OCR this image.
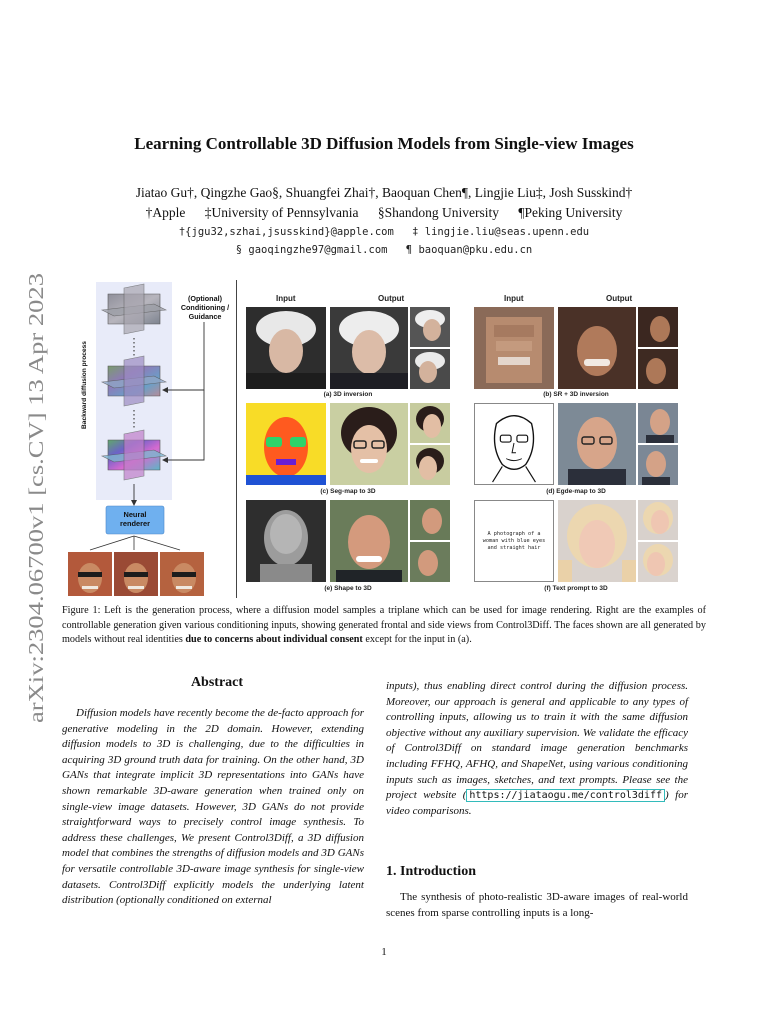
arXiv:2304.06700v1 [cs.CV] 13 Apr 2023
Learning Controllable 3D Diffusion Models from Single-view Images
Jiatao Gu†, Qingzhe Gao§, Shuangfei Zhai†, Baoquan Chen¶, Lingjie Liu‡, Josh Susskind†
†Apple ‡University of Pennsylvania §Shandong University ¶Peking University
†{jgu32,szhai,jsusskind}@apple.com ‡ lingjie.liu@seas.upenn.edu
§ gaoqingzhe97@gmail.com ¶ baoquan@pku.edu.cn
(Optional)
Conditioning /
Guidance
Backward diffusion process
Neural
renderer
Input	Output	Input	Output
(a) 3D inversion	(b) SR + 3D inversion
(c) Seg-map to 3D	(d) Egde-map to 3D
(e) Shape to 3D
A photograph of a
woman with blue eyes
and straight hair
(f) Text prompt to 3D
Figure 1: Left is the generation process, where a diffusion model samples a triplane which can be used for image rendering. Right are the examples of controllable generation given various conditioning inputs, showing generated frontal and side views from Control3Diff. The faces shown are all generated by models without real identities due to concerns about individual consent except for the input in (a).
Abstract
Diffusion models have recently become the de-facto approach for generative modeling in the 2D domain. However, extending diffusion models to 3D is challenging, due to the difficulties in acquiring 3D ground truth data for training. On the other hand, 3D GANs that integrate implicit 3D representations into GANs have shown remarkable 3D-aware generation when trained only on single-view image datasets. However, 3D GANs do not provide straightforward ways to precisely control image synthesis. To address these challenges, We present Control3Diff, a 3D diffusion model that combines the strengths of diffusion models and 3D GANs for versatile controllable 3D-aware image synthesis for single-view datasets. Control3Diff explicitly models the underlying latent distribution (optionally conditioned on external
inputs), thus enabling direct control during the diffusion process. Moreover, our approach is general and applicable to any types of controlling inputs, allowing us to train it with the same diffusion objective without any auxiliary supervision. We validate the efficacy of Control3Diff on standard image generation benchmarks including FFHQ, AFHQ, and ShapeNet, using various conditioning inputs such as images, sketches, and text prompts. Please see the project website ( https://jiataogu.me/control3diff ) for video comparisons.
1. Introduction
The synthesis of photo-realistic 3D-aware images of real-world scenes from sparse controlling inputs is a long-
1
